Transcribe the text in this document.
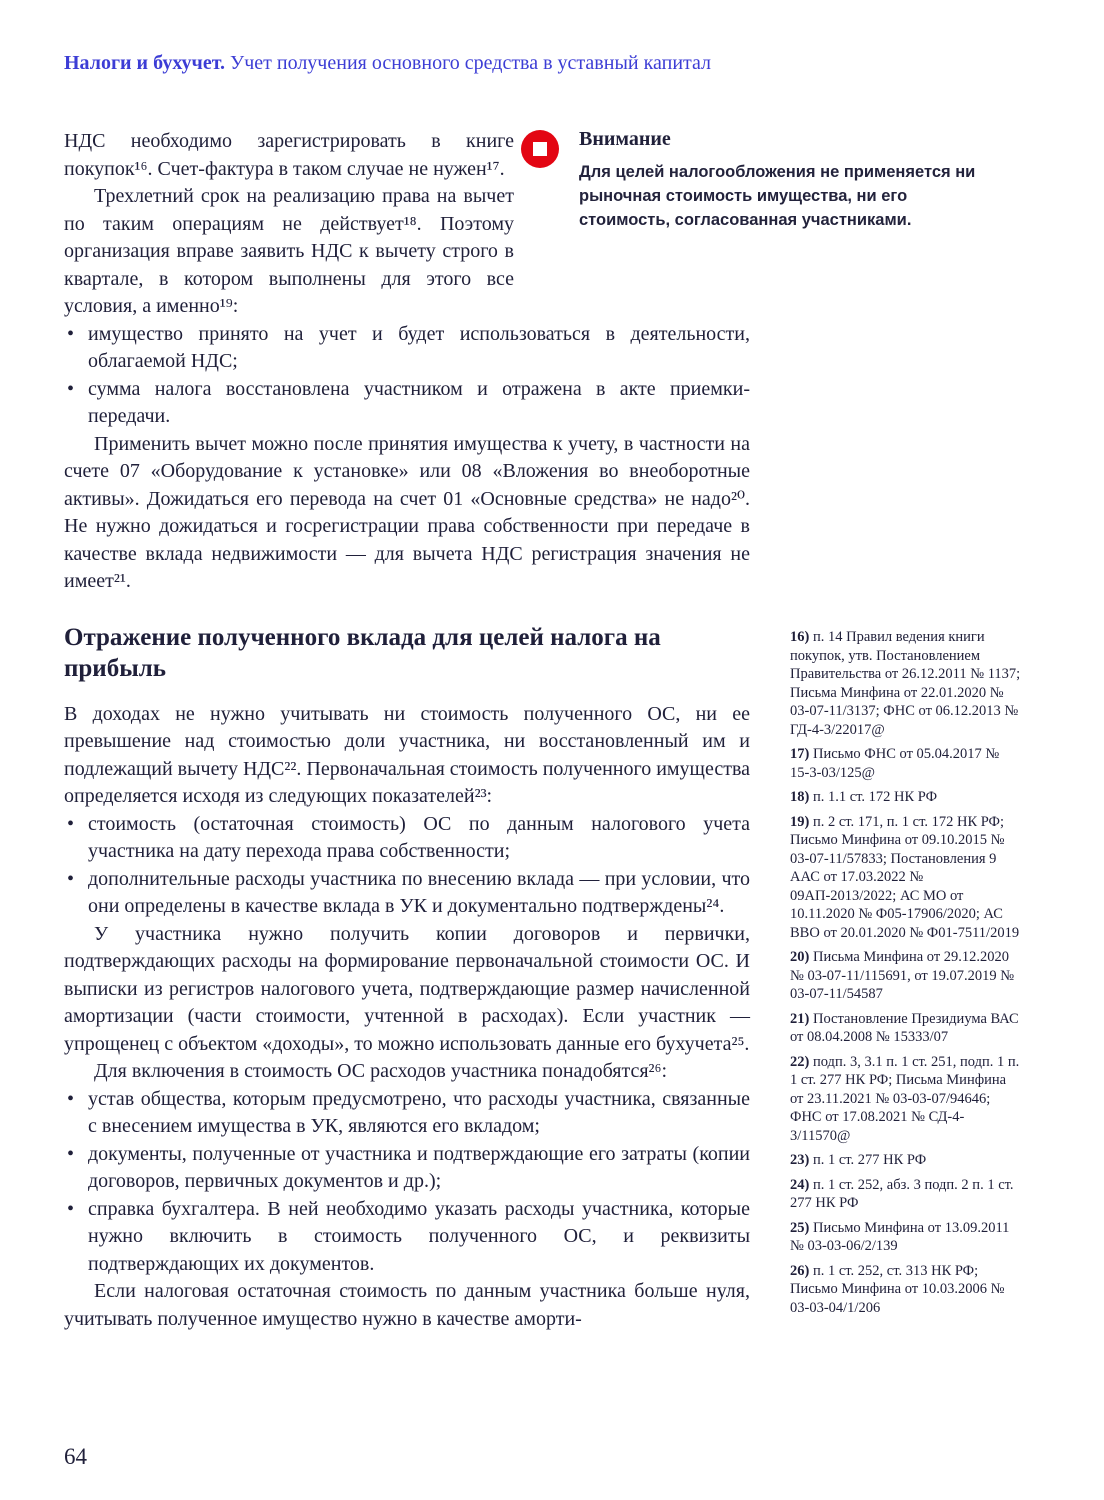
Налоги и бухучет. Учет получения основного средства в уставный капитал

Внимание

Для целей налогообложения не применяется ни рыночная стоимость имущества, ни его стоимость, согласованная участниками.

НДС необходимо зарегистрировать в книге покупок¹⁶. Счет-фактура в таком случае не нужен¹⁷.

Трехлетний срок на реализацию права на вычет по таким операциям не действует¹⁸. Поэтому организация вправе заявить НДС к вычету строго в квартале, в котором выполнены для этого все условия, а именно¹⁹:

• имущество принято на учет и будет использоваться в деятельности, облагаемой НДС;
• сумма налога восстановлена участником и отражена в акте приемки-передачи.

Применить вычет можно после принятия имущества к учету, в частности на счете 07 «Оборудование к установке» или 08 «Вложения во внеоборотные активы». Дожидаться его перевода на счет 01 «Основные средства» не надо²⁰. Не нужно дожидаться и госрегистрации права собственности при передаче в качестве вклада недвижимости — для вычета НДС регистрация значения не имеет²¹.

Отражение полученного вклада для целей налога на прибыль

В доходах не нужно учитывать ни стоимость полученного ОС, ни ее превышение над стоимостью доли участника, ни восстановленный им и подлежащий вычету НДС²². Первоначальная стоимость полученного имущества определяется исходя из следующих показателей²³:

• стоимость (остаточная стоимость) ОС по данным налогового учета участника на дату перехода права собственности;
• дополнительные расходы участника по внесению вклада — при условии, что они определены в качестве вклада в УК и документально подтверждены²⁴.

У участника нужно получить копии договоров и первички, подтверждающих расходы на формирование первоначальной стоимости ОС. И выписки из регистров налогового учета, подтверждающие размер начисленной амортизации (части стоимости, учтенной в расходах). Если участник — упрощенец с объектом «доходы», то можно использовать данные его бухучета²⁵.

Для включения в стоимость ОС расходов участника понадобятся²⁶:

• устав общества, которым предусмотрено, что расходы участника, связанные с внесением имущества в УК, являются его вкладом;
• документы, полученные от участника и подтверждающие его затраты (копии договоров, первичных документов и др.);
• справка бухгалтера. В ней необходимо указать расходы участника, которые нужно включить в стоимость полученного ОС, и реквизиты подтверждающих их документов.

Если налоговая остаточная стоимость по данным участника больше нуля, учитывать полученное имущество нужно в качестве аморти-

16) п. 14 Правил ведения книги покупок, утв. Постановлением Правительства от 26.12.2011 № 1137; Письма Минфина от 22.01.2020 № 03-07-11/3137; ФНС от 06.12.2013 № ГД-4-3/22017@

17) Письмо ФНС от 05.04.2017 № 15-3-03/125@

18) п. 1.1 ст. 172 НК РФ

19) п. 2 ст. 171, п. 1 ст. 172 НК РФ; Письмо Минфина от 09.10.2015 № 03-07-11/57833; Постановления 9 ААС от 17.03.2022 № 09АП-2013/2022; АС МО от 10.11.2020 № Ф05-17906/2020; АС ВВО от 20.01.2020 № Ф01-7511/2019

20) Письма Минфина от 29.12.2020 № 03-07-11/115691, от 19.07.2019 № 03-07-11/54587

21) Постановление Президиума ВАС от 08.04.2008 № 15333/07

22) подп. 3, 3.1 п. 1 ст. 251, подп. 1 п. 1 ст. 277 НК РФ; Письма Минфина от 23.11.2021 № 03-03-07/94646; ФНС от 17.08.2021 № СД-4-3/11570@

23) п. 1 ст. 277 НК РФ

24) п. 1 ст. 252, абз. 3 подп. 2 п. 1 ст. 277 НК РФ

25) Письмо Минфина от 13.09.2011 № 03-03-06/2/139

26) п. 1 ст. 252, ст. 313 НК РФ; Письмо Минфина от 10.03.2006 № 03-03-04/1/206

64
